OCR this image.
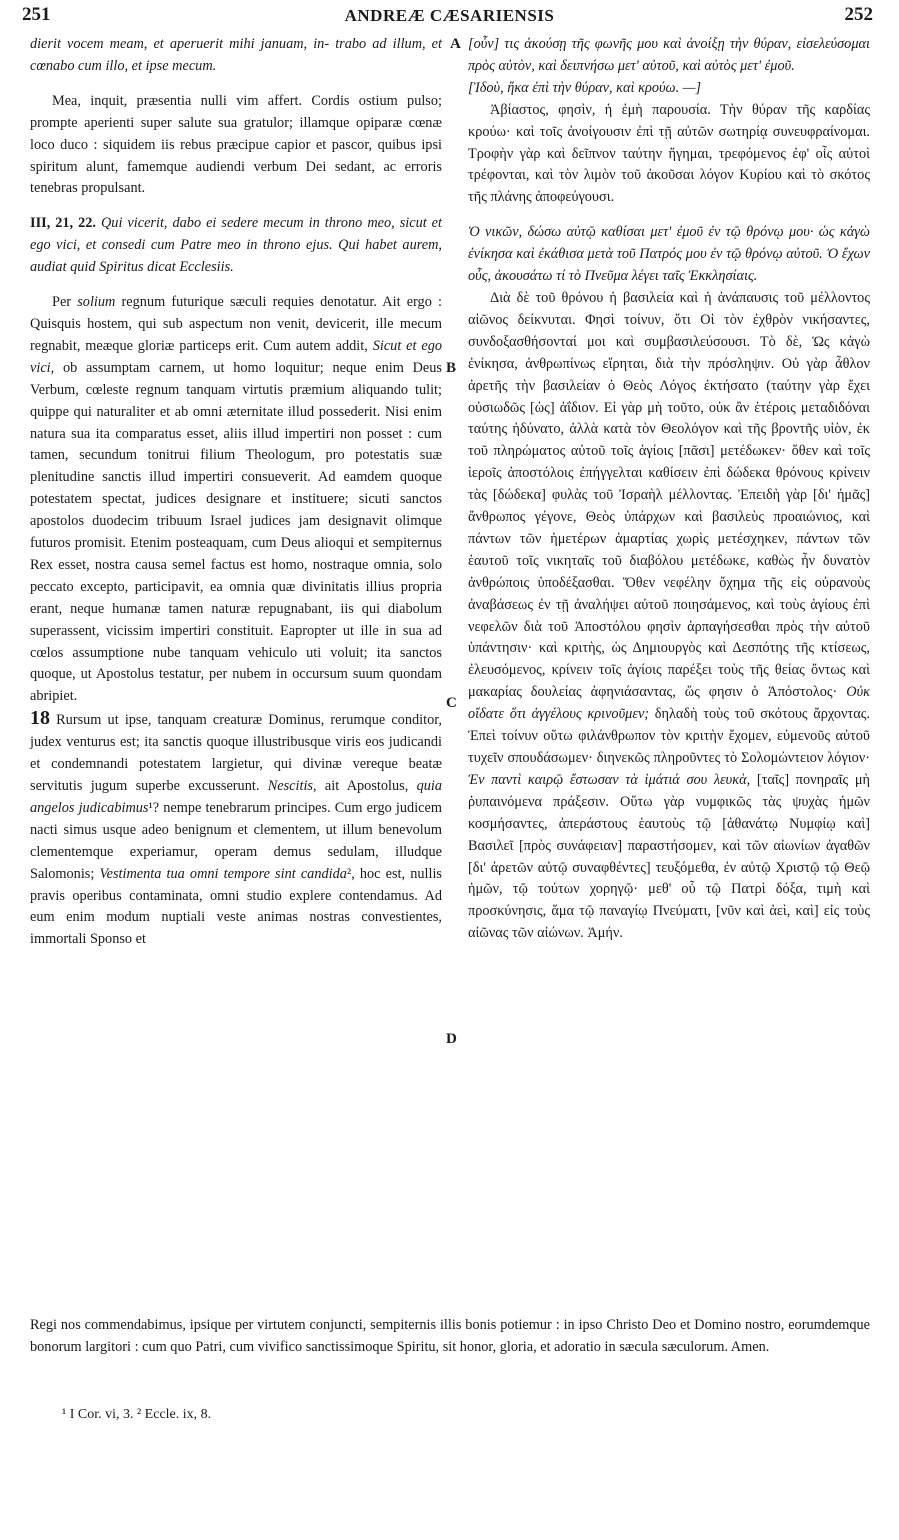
251	ANDREÆ CÆSARIENSIS	252
A
B
C
D

dierit vocem meam, et aperuerit mihi januam, in- trabo ad illum, et cœnabo cum illo, et ipse mecum.

Mea, inquit, præsentia nulli vim affert. Cordis ostium pulso; prompte aperienti super salute sua gratulor; illamque opiparæ cœnæ loco duco : siquidem iis rebus præcipue capior et pascor, quibus ipsi spiritum alunt, famemque audiendi verbum Dei sedant, ac erroris tenebras propulsant.

III, 21, 22. Qui vicerit, dabo ei sedere mecum in throno meo, sicut et ego vici, et consedi cum Patre meo in throno ejus. Qui habet aurem, audiat quid Spiritus dicat Ecclesiis.

Per solium regnum futurique sæculi requies denotatur. Ait ergo : Quisquis hostem, qui sub aspectum non venit, devicerit, ille mecum regnabit, meæque gloriæ particeps erit. Cum autem addit, Sicut et ego vici, ob assumptam carnem, ut homo loquitur; neque enim Deus Verbum, cœleste regnum tanquam virtutis præmium aliquando tulit; quippe qui naturaliter et ab omni æternitate illud possederit. Nisi enim natura sua ita comparatus esset, aliis illud impertiri non posset : cum tamen, secundum tonitrui filium Theologum, pro potestatis suæ plenitudine sanctis illud impertiri consueverit. Ad eamdem quoque potestatem spectat, judices designare et instituere; sicuti sanctos apostolos duodecim tribuum Israel judices jam designavit olimque futuros promisit. Etenim posteaquam, cum Deus alioqui et sempiternus Rex esset, nostra causa semel factus est homo, nostraque omnia, solo peccato excepto, participavit, ea omnia quæ divinitatis illius propria erant, neque humanæ tamen naturæ repugnabant, iis qui diabolum superassent, vicissim impertiri constituit. Eapropter ut ille in sua ad cœlos assumptione nube tanquam vehiculo uti voluit; ita sanctos quoque, ut Apostolus testatur, per nubem in occursum suum quondam abripiet.

18 Rursum ut ipse, tanquam creaturæ Dominus, rerumque conditor, judex venturus est; ita sanctis quoque illustribusque viris eos judicandi et condemnandi potestatem largietur, qui divinæ vereque beatæ servitutis jugum superbe excusserunt. Nescitis, ait Apostolus, quia angelos judicabimus¹? nempe tenebrarum principes. Cum ergo judicem nacti simus usque adeo benignum et clementem, ut illum benevolum clementemque experiamur, operam demus sedulam, illudque Salomonis; Vestimenta tua omni tempore sint candida², hoc est, nullis pravis operibus contaminata, omni studio explere contendamus. Ad eum enim modum nuptiali veste animas nostras convestientes, immortali Sponso et

[οὖν] τις ἀκούσῃ τῆς φωνῆς μου καὶ ἀνοίξῃ τὴν θύραν, εἰσελεύσομαι πρὸς αὐτὸν, καὶ δειπνήσω μετ' αὐτοῦ, καὶ αὐτὸς μετ' ἐμοῦ.

[Ἰδοὺ, ἥκα ἐπὶ τὴν θύραν, καὶ κρούω. —]

Ἀβίαστος, φησὶν, ἡ ἐμὴ παρουσία. Τὴν θύραν τῆς καρδίας κρούω· καὶ τοῖς ἀνοίγουσιν ἐπὶ τῇ αὐτῶν σωτηρίᾳ συνευφραίνομαι. Τροφὴν γὰρ καὶ δεῖπνον ταύτην ἥγημαι, τρεφόμενος ἐφ' οἷς αὐτοὶ τρέφονται, καὶ τὸν λιμὸν τοῦ ἀκοῦσαι λόγον Κυρίου καὶ τὸ σκότος τῆς πλάνης ἀποφεύγουσι.

Ὁ νικῶν, δώσω αὐτῷ καθίσαι μετ' ἐμοῦ ἐν τῷ θρόνῳ μου· ὡς κἀγὼ ἐνίκησα καὶ ἐκάθισα μετὰ τοῦ Πατρός μου ἐν τῷ θρόνῳ αὐτοῦ. Ὁ ἔχων οὖς, ἀκουσάτω τί τὸ Πνεῦμα λέγει ταῖς Ἐκκλησίαις.

Διὰ δὲ τοῦ θρόνου ἡ βασιλεία καὶ ἡ ἀνάπαυσις τοῦ μέλλοντος αἰῶνος δείκνυται. Φησὶ τοίνυν, ὅτι Οἱ τὸν ἐχθρὸν νικήσαντες, συνδοξασθήσονταί μοι καὶ συμβασιλεύσουσι. Τὸ δὲ, Ὡς κἀγὼ ἐνίκησα, ἀνθρωπίνως εἴρηται, διὰ τὴν πρόσληψιν. Οὐ γὰρ ἆθλον ἀρετῆς τὴν βασιλείαν ὁ Θεὸς Λόγος ἐκτήσατο (ταύτην γὰρ ἔχει οὐσιωδῶς [ὡς] ἀΐδιον. Εἰ γὰρ μὴ τοῦτο, οὐκ ἂν ἑτέροις μεταδιδόναι ταύτης ἠδύνατο, ἀλλὰ κατὰ τὸν Θεολόγον καὶ τῆς βροντῆς υἱὸν, ἐκ τοῦ πληρώματος αὐτοῦ τοῖς ἁγίοις [πᾶσι] μετέδωκεν· ὅθεν καὶ τοῖς ἱεροῖς ἀποστόλοις ἐπήγγελται καθίσειν ἐπὶ δώδεκα θρόνους κρίνειν τὰς [δώδεκα] φυλὰς τοῦ Ἰσραὴλ μέλλοντας. Ἐπειδὴ γὰρ [δι' ἡμᾶς] ἄνθρωπος γέγονε, Θεὸς ὑπάρχων καὶ βασιλεὺς προαιώνιος, καὶ πάντων τῶν ἡμετέρων ἁμαρτίας χωρὶς μετέσχηκεν, πάντων τῶν ἑαυτοῦ τοῖς νικηταῖς τοῦ διαβόλου μετέδωκε, καθὼς ἦν δυνατὸν ἀνθρώποις ὑποδέξασθαι. Ὅθεν νεφέλην ὄχημα τῆς εἰς οὐρανοὺς ἀναβάσεως ἐν τῇ ἀναλήψει αὐτοῦ ποιησάμενος, καὶ τοὺς ἁγίους ἐπὶ νεφελῶν διὰ τοῦ Ἀποστόλου φησὶν ἁρπαγήσεσθαι πρὸς τὴν αὐτοῦ ὑπάντησιν· καὶ κριτὴς, ὡς Δημιουργὸς καὶ Δεσπότης τῆς κτίσεως, ἐλευσόμενος, κρίνειν τοῖς ἁγίοις παρέξει τοὺς τῆς θείας ὄντως καὶ μακαρίας δουλείας ἀφηνιάσαντας, ὥς φησιν ὁ Ἀπόστολος· Οὐκ οἴδατε ὅτι ἀγγέλους κρινοῦμεν; δηλαδὴ τοὺς τοῦ σκότους ἄρχοντας. Ἐπεὶ τοίνυν οὕτω φιλάνθρωπον τὸν κριτὴν ἔχομεν, εὐμενοῦς αὐτοῦ τυχεῖν σπουδάσωμεν· διηνεκῶς πληροῦντες τὸ Σολομώντειον λόγιον· Ἐν παντὶ καιρῷ ἔστωσαν τὰ ἱμάτιά σου λευκὰ, [ταῖς] πονηραῖς μὴ ῥυπαινόμενα πράξεσιν. Οὕτω γὰρ νυμφικῶς τὰς ψυχὰς ἡμῶν κοσμήσαντες, ἀπεράστους ἑαυτοὺς τῷ [ἀθανάτῳ Νυμφίῳ καὶ] Βασιλεῖ [πρὸς συνάφειαν] παραστήσομεν, καὶ τῶν αἰωνίων ἀγαθῶν [δι' ἀρετῶν αὐτῷ συναφθέντες] τευξόμεθα, ἐν αὐτῷ Χριστῷ τῷ Θεῷ ἡμῶν, τῷ τούτων χορηγῷ· μεθ' οὗ τῷ Πατρὶ δόξα, τιμὴ καὶ προσκύνησις, ἅμα τῷ παναγίῳ Πνεύματι, [νῦν καὶ ἀεὶ, καὶ] εἰς τοὺς αἰῶνας τῶν αἰώνων. Ἀμήν.

Regi nos commendabimus, ipsique per virtutem conjuncti, sempiternis illis bonis potiemur : in ipso Christo Deo et Domino nostro, eorumdemque bonorum largitori : cum quo Patri, cum vivifico sanctissimoque Spiritu, sit honor, gloria, et adoratio in sæcula sæculorum. Amen.
¹ I Cor. vi, 3. ² Eccle. ix, 8.
